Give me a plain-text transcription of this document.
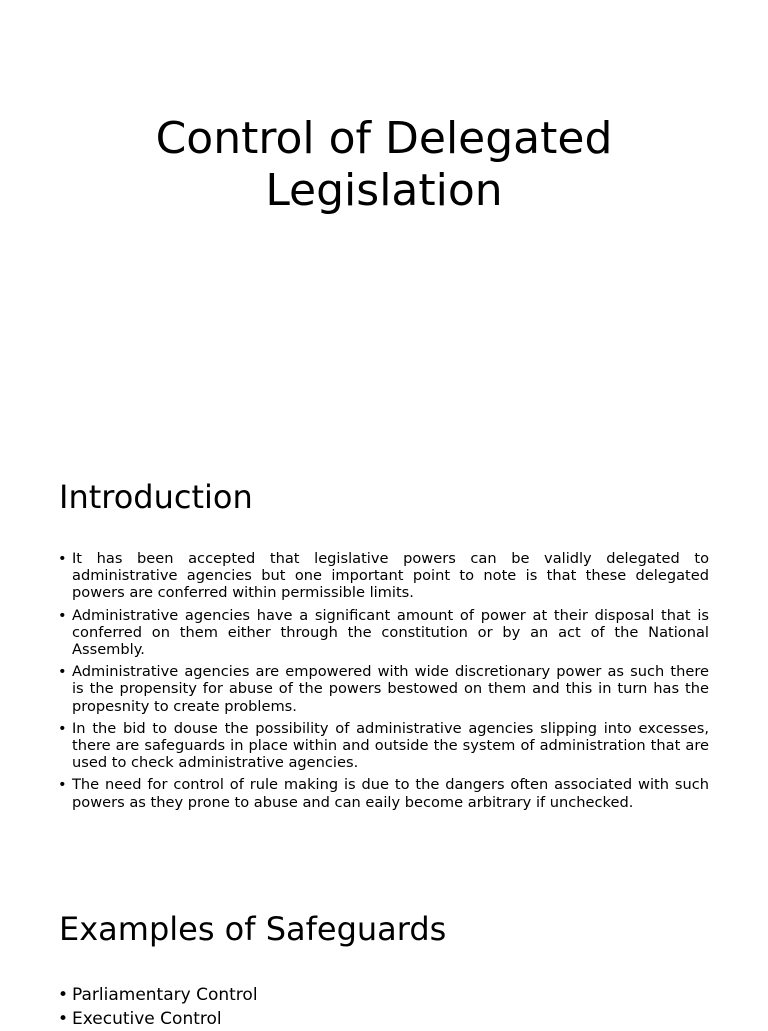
Control of Delegated
Legislation
Introduction
• It has been accepted that legislative powers can be validly delegated to administrative agencies but one important point to note is that these delegated powers are conferred within permissible limits.
• Administrative agencies have a significant amount of power at their disposal that is conferred on them either through the constitution or by an act of the National Assembly.
• Administrative agencies are empowered with wide discretionary power as such there is the propensity for abuse of the powers bestowed on them and this in turn has the propesnity to create problems.
• In the bid to douse the possibility of administrative agencies slipping into excesses, there are safeguards in place within and outside the system of administration that are used to check administrative agencies.
• The need for control of rule making is due to the dangers often associated with such powers as they prone to abuse and can eaily become arbitrary if unchecked.
Examples of Safeguards
• Parliamentary Control
• Executive Control
